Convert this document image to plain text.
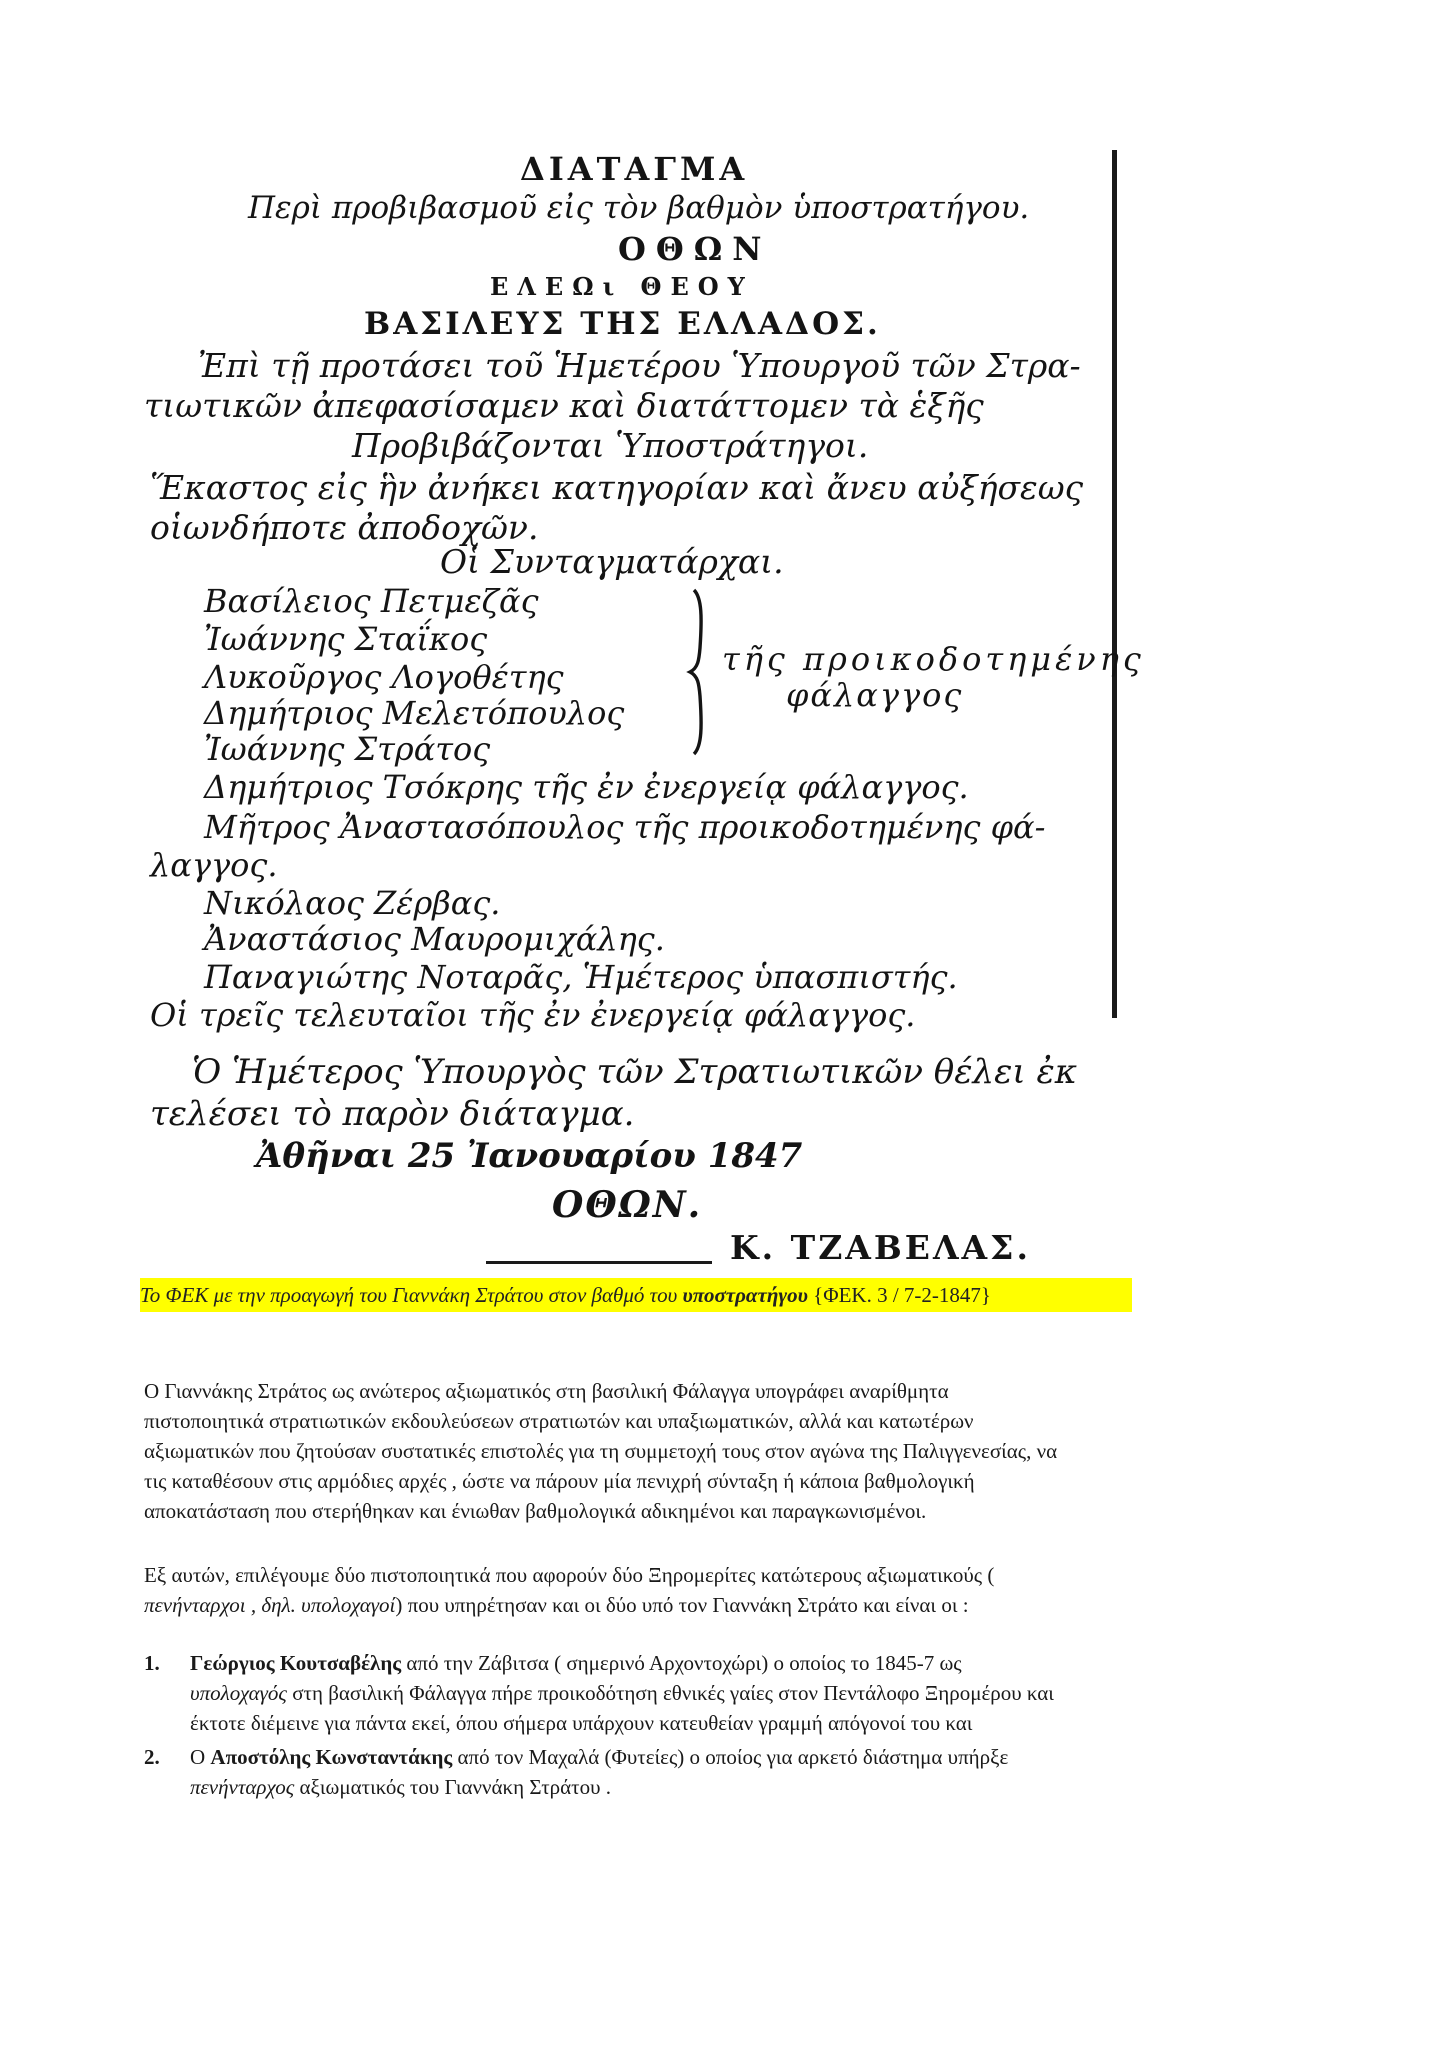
ΔΙΑΤΑΓΜΑ
Περὶ προβιβασμοῦ εἰς τὸν βαθμὸν ὑποστρατήγου.
ΟΘΩΝ
ΕΛΕΩι ΘΕΟΥ
ΒΑΣΙΛΕΥΣ ΤΗΣ ΕΛΛΑΔΟΣ.
Ἐπὶ τῇ προτάσει τοῦ Ἡμετέρου Ὑπουργοῦ τῶν Στρα-
τιωτικῶν ἀπεφασίσαμεν καὶ διατάττομεν τὰ ἑξῆς
Προβιβάζονται Ὑποστράτηγοι.
Ἕκαστος εἰς ἣν ἀνήκει κατηγορίαν καὶ ἄνευ αὐξήσεως
οἱωνδήποτε ἀποδοχῶν.
Οἱ Συνταγματάρχαι.
Βασίλειος Πετμεζᾶς
Ἰωάννης Σταΐκος
Λυκοῦργος Λογοθέτης
Δημήτριος Μελετόπουλος
Ἰωάννης Στράτος
τῆς προικοδοτημένης
φάλαγγος
Δημήτριος Τσόκρης τῆς ἐν ἐνεργείᾳ φάλαγγος.
Μῆτρος Ἀναστασόπουλος τῆς προικοδοτημένης φά-
λαγγος.
Νικόλαος Ζέρβας.
Ἀναστάσιος Μαυρομιχάλης.
Παναγιώτης Νοταρᾶς, Ἡμέτερος ὑπασπιστής.
Οἱ τρεῖς τελευταῖοι τῆς ἐν ἐνεργείᾳ φάλαγγος.
Ὁ Ἡμέτερος Ὑπουργὸς τῶν Στρατιωτικῶν θέλει ἐκ
τελέσει τὸ παρὸν διάταγμα.
Ἀθῆναι 25 Ἰανουαρίου 1847
ΟΘΩΝ.
Κ. ΤΖΑΒΕΛΑΣ.
Το ΦΕΚ με την προαγωγή του Γιαννάκη Στράτου στον βαθμό του υποστρατήγου {ΦΕΚ. 3 / 7-2-1847}
Ο Γιαννάκης Στράτος ως ανώτερος αξιωματικός στη βασιλική Φάλαγγα υπογράφει αναρίθμητα
πιστοποιητικά στρατιωτικών εκδουλεύσεων στρατιωτών και υπαξιωματικών, αλλά και κατωτέρων
αξιωματικών που ζητούσαν συστατικές επιστολές για τη συμμετοχή τους στον αγώνα της Παλιγγενεσίας, να
τις καταθέσουν στις αρμόδιες αρχές , ώστε να πάρουν μία πενιχρή σύνταξη ή κάποια βαθμολογική
αποκατάσταση που στερήθηκαν και ένιωθαν βαθμολογικά αδικημένοι και παραγκωνισμένοι.
Εξ αυτών, επιλέγουμε δύο πιστοποιητικά που αφορούν δύο Ξηρομερίτες κατώτερους αξιωματικούς (
πενήνταρχοι , δηλ. υπολοχαγοί) που υπηρέτησαν και οι δύο υπό τον Γιαννάκη Στράτο και είναι οι :
1. Γεώργιος Κουτσαβέλης από την Ζάβιτσα ( σημερινό Αρχοντοχώρι) ο οποίος το 1845-7 ως
υπολοχαγός στη βασιλική Φάλαγγα πήρε προικοδότηση εθνικές γαίες στον Πεντάλοφο Ξηρομέρου και
έκτοτε διέμεινε για πάντα εκεί, όπου σήμερα υπάρχουν κατευθείαν γραμμή απόγονοί του και
2. Ο Αποστόλης Κωνσταντάκης από τον Μαχαλά (Φυτείες) ο οποίος για αρκετό διάστημα υπήρξε
πενήνταρχος αξιωματικός του Γιαννάκη Στράτου .
